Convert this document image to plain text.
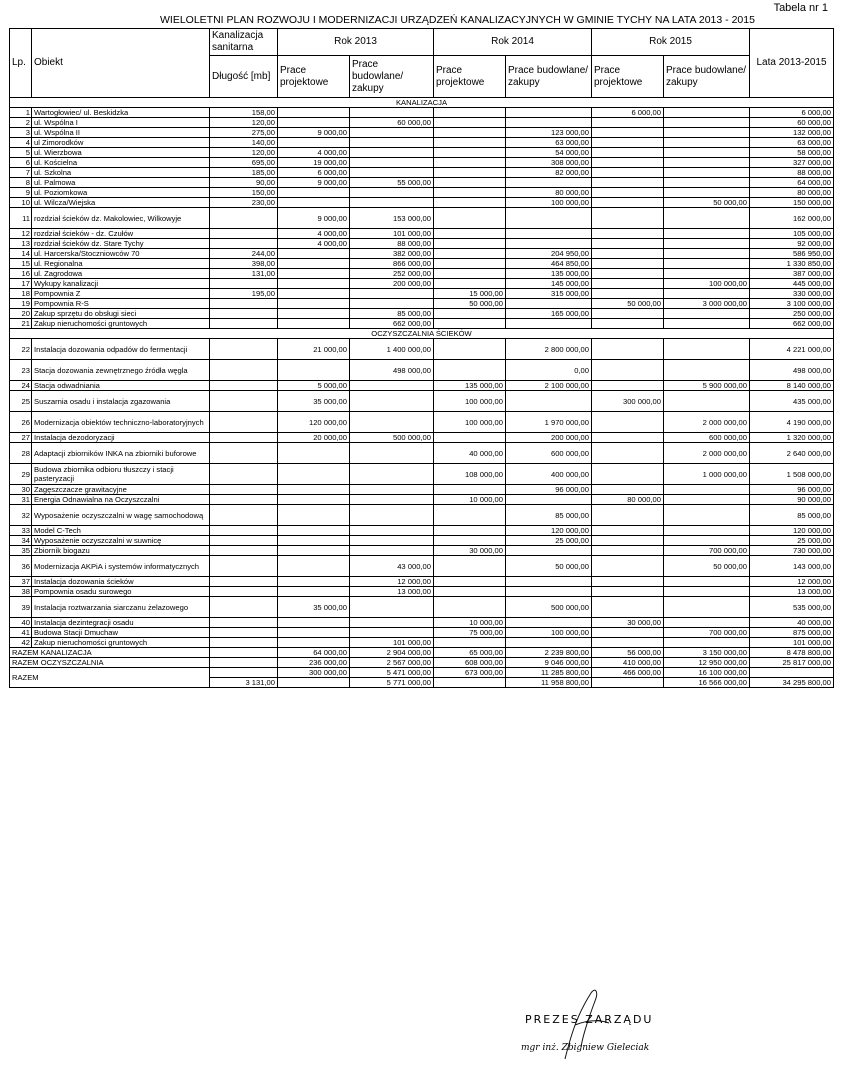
Tabela nr 1
WIELOLETNI PLAN ROZWOJU I MODERNIZACJI URZĄDZEŃ KANALIZACYJNYCH W GMINIE TYCHY NA LATA 2013 - 2015
Lp.	Obiekt	Kanalizacja sanitarna	Rok 2013		Rok 2014		Rok 2015		Lata 2013-2015
		Długość [mb]	Prace projektowe	Prace budowlane/ zakupy	Prace projektowe	Prace budowlane/ zakupy	Prace projektowe	Prace budowlane/ zakupy	
KANALIZACJA									
1	Wartogłowiec/ ul. Beskidzka	158,00					6 000,00		6 000,00
2	ul. Wspólna I	120,00		60 000,00					60 000,00
3	ul. Wspólna II	275,00	9 000,00			123 000,00			132 000,00
4	ul Zimorodków	140,00				63 000,00			63 000,00
5	ul. Wierzbowa	120,00	4 000,00			54 000,00			58 000,00
6	ul. Kościelna	695,00	19 000,00			308 000,00			327 000,00
7	ul. Szkolna	185,00	6 000,00			82 000,00			88 000,00
8	ul. Palmowa	90,00	9 000,00	55 000,00					64 000,00
9	ul. Poziomkowa	150,00				80 000,00			80 000,00
10	ul. Wilcza/Wiejska	230,00				100 000,00		50 000,00	150 000,00
11	rozdział ścieków dz. Makolowiec, Wilkowyje		9 000,00	153 000,00					162 000,00
12	rozdział ścieków - dz. Czułów		4 000,00	101 000,00					105 000,00
13	rozdział ścieków dz. Stare Tychy		4 000,00	88 000,00					92 000,00
14	ul. Harcerska/Stoczniowców 70	244,00		382 000,00		204 950,00			586 950,00
15	ul. Regionalna	398,00		866 000,00		464 850,00			1 330 850,00
16	ul. Zagrodowa	131,00		252 000,00		135 000,00			387 000,00
17	Wykupy kanalizacji			200 000,00		145 000,00		100 000,00	445 000,00
18	Pompownia Z	195,00			15 000,00	315 000,00			330 000,00
19	Pompownia R-S				50 000,00		50 000,00	3 000 000,00	3 100 000,00
20	Zakup sprzętu do obsługi sieci			85 000,00		165 000,00			250 000,00
21	Zakup nieruchomości gruntowych			662 000,00					662 000,00
OCZYSZCZALNIA ŚCIEKÓW									
22	Instalacja dozowania odpadów do fermentacji		21 000,00	1 400 000,00		2 800 000,00			4 221 000,00
23	Stacja dozowania zewnętrznego źródła węgla			498 000,00		0,00			498 000,00
24	Stacja odwadniania		5 000,00		135 000,00	2 100 000,00		5 900 000,00	8 140 000,00
25	Suszarnia osadu i instalacja zgazowania		35 000,00		100 000,00		300 000,00		435 000,00
26	Modernizacja obiektów techniczno-laboratoryjnych		120 000,00		100 000,00	1 970 000,00		2 000 000,00	4 190 000,00
27	Instalacja dezodoryzacji		20 000,00	500 000,00		200 000,00		600 000,00	1 320 000,00
28	Adaptacji zbiorników INKA na zbiorniki buforowe				40 000,00	600 000,00		2 000 000,00	2 640 000,00
29	Budowa zbiornika odbioru tłuszczy i stacji pasteryzacji				108 000,00	400 000,00		1 000 000,00	1 508 000,00
30	Zagęszczacze grawitacyjne					96 000,00			96 000,00
31	Energia Odnawialna na Oczyszczalni				10 000,00		80 000,00		90 000,00
32	Wyposażenie oczyszczalni w wagę samochodową					85 000,00			85 000,00
33	Model C-Tech					120 000,00			120 000,00
34	Wyposażenie oczyszczalni w suwnicę					25 000,00			25 000,00
35	Zbiornik biogazu				30 000,00			700 000,00	730 000,00
36	Modernizacja AKPiA i systemów informatycznych			43 000,00		50 000,00		50 000,00	143 000,00
37	Instalacja dozowania ścieków			12 000,00					12 000,00
38	Pompownia osadu surowego			13 000,00					13 000,00
39	Instalacja roztwarzania siarczanu żelazowego		35 000,00			500 000,00			535 000,00
40	Instalacja dezintegracji osadu				10 000,00		30 000,00		40 000,00
41	Budowa Stacji Dmuchaw				75 000,00	100 000,00		700 000,00	875 000,00
42	Zakup nieruchomości gruntowych			101 000,00					101 000,00
RAZEM KANALIZACJA			64 000,00	2 904 000,00	65 000,00	2 239 800,00	56 000,00	3 150 000,00	8 478 800,00
RAZEM OCZYSZCZALNIA			236 000,00	2 567 000,00	608 000,00	9 046 000,00	410 000,00	12 950 000,00	25 817 000,00
RAZEM			300 000,00	5 471 000,00	673 000,00	11 285 800,00	466 000,00	16 100 000,00	
		3 131,00		5 771 000,00		11 958 800,00		16 566 000,00	34 295 800,00
PREZES ZARZĄDU
mgr inż. Zbigniew Gieleciak
